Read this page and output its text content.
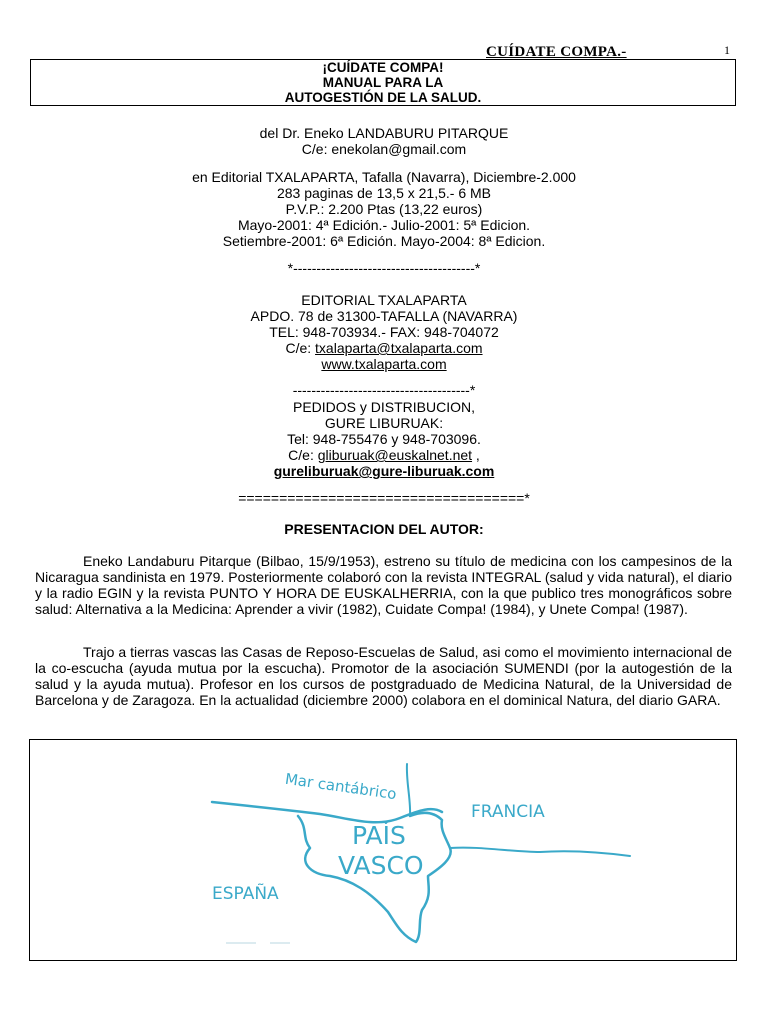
CUÍDATE COMPA.-	1
¡CUÍDATE COMPA!
MANUAL PARA LA
AUTOGESTIÓN DE LA SALUD.
del Dr. Eneko LANDABURU PITARQUE
C/e: enekolan@gmail.com
en Editorial TXALAPARTA, Tafalla (Navarra), Diciembre-2.000
283 paginas de 13,5 x 21,5.- 6 MB
P.V.P.: 2.200 Ptas (13,22 euros)
Mayo-2001: 4ª Edición.- Julio-2001: 5ª Edicion.
Setiembre-2001: 6ª Edición. Mayo-2004: 8ª Edicion.
*---------------------------------------*
EDITORIAL TXALAPARTA
APDO. 78 de 31300-TAFALLA (NAVARRA)
TEL: 948-703934.- FAX: 948-704072
C/e: txalaparta@txalaparta.com
www.txalaparta.com
--------------------------------------*
PEDIDOS y DISTRIBUCION,
GURE LIBURUAK:
Tel: 948-755476 y 948-703096.
C/e: gliburuak@euskalnet.net ,
gureliburuak@gure-liburuak.com
===================================*
PRESENTACION DEL AUTOR:
Eneko Landaburu Pitarque (Bilbao, 15/9/1953), estreno su título de medicina con los campesinos de la Nicaragua sandinista en 1979. Posteriormente colaboró con la revista INTEGRAL (salud y vida natural), el diario y la radio EGIN y la revista PUNTO Y HORA DE EUSKALHERRIA, con la que publico tres monográficos sobre salud: Alternativa a la Medicina: Aprender a vivir (1982), Cuidate Compa! (1984), y Unete Compa! (1987).
Trajo a tierras vascas las Casas de Reposo-Escuelas de Salud, asi como el movimiento internacional de la co-escucha (ayuda mutua por la escucha). Promotor de la asociación SUMENDI (por la autogestión de la salud y la ayuda mutua). Profesor en los cursos de postgraduado de Medicina Natural, de la Universidad de Barcelona y de Zaragoza. En la actualidad (diciembre 2000) colabora en el dominical Natura, del diario GARA.
Mar cantábrico
PAÍS
VASCO
FRANCIA
ESPAÑA
